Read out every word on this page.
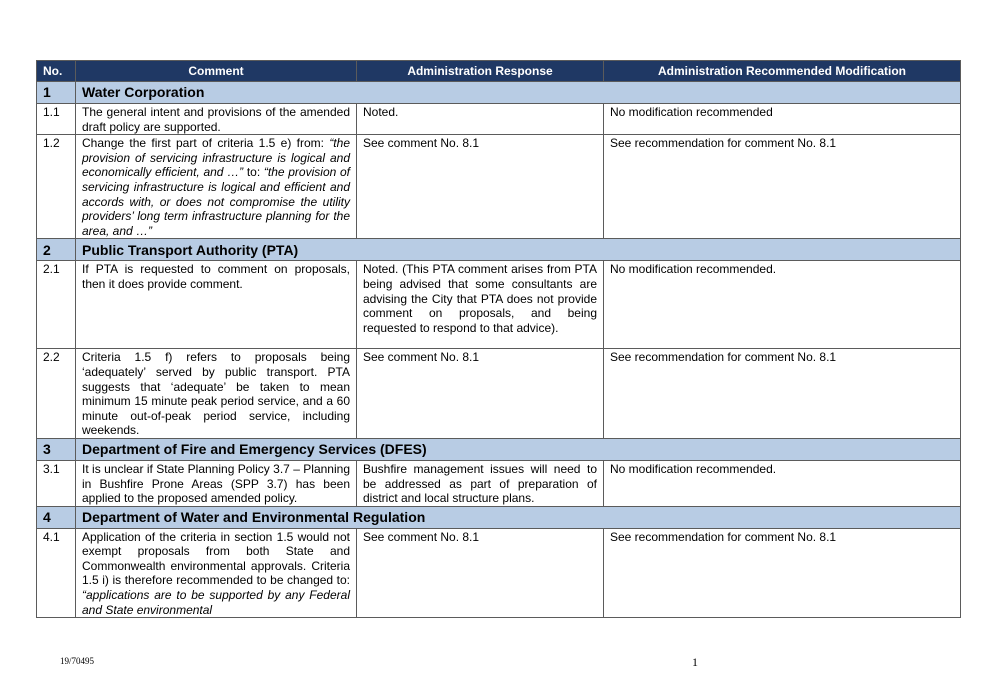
No.	Comment	Administration Response	Administration Recommended Modification
1	Water Corporation		
1.1	The general intent and provisions of the amended draft policy are supported.	Noted.	No modification recommended
1.2	Change the first part of criteria 1.5 e) from: “the provision of servicing infrastructure is logical and economically efficient, and …” to: “the provision of servicing infrastructure is logical and efficient and accords with, or does not compromise the utility providers’ long term infrastructure planning for the area, and …”	See comment No. 8.1	See recommendation for comment No. 8.1
2	Public Transport Authority (PTA)		
2.1	If PTA is requested to comment on proposals, then it does provide comment.	Noted. (This PTA comment arises from PTA being advised that some consultants are advising the City that PTA does not provide comment on proposals, and being requested to respond to that advice).	No modification recommended.
2.2	Criteria 1.5 f) refers to proposals being ‘adequately’ served by public transport. PTA suggests that ‘adequate’ be taken to mean minimum 15 minute peak period service, and a 60 minute out-of-peak period service, including weekends.	See comment No. 8.1	See recommendation for comment No. 8.1
3	Department of Fire and Emergency Services (DFES)		
3.1	It is unclear if State Planning Policy 3.7 – Planning in Bushfire Prone Areas (SPP 3.7) has been applied to the proposed amended policy.	Bushfire management issues will need to be addressed as part of preparation of district and local structure plans.	No modification recommended.
4	Department of Water and Environmental Regulation		
4.1	Application of the criteria in section 1.5 would not exempt proposals from both State and Commonwealth environmental approvals. Criteria 1.5 i) is therefore recommended to be changed to: “applications are to be supported by any Federal and State environmental	See comment No. 8.1	See recommendation for comment No. 8.1
19/70495	1
